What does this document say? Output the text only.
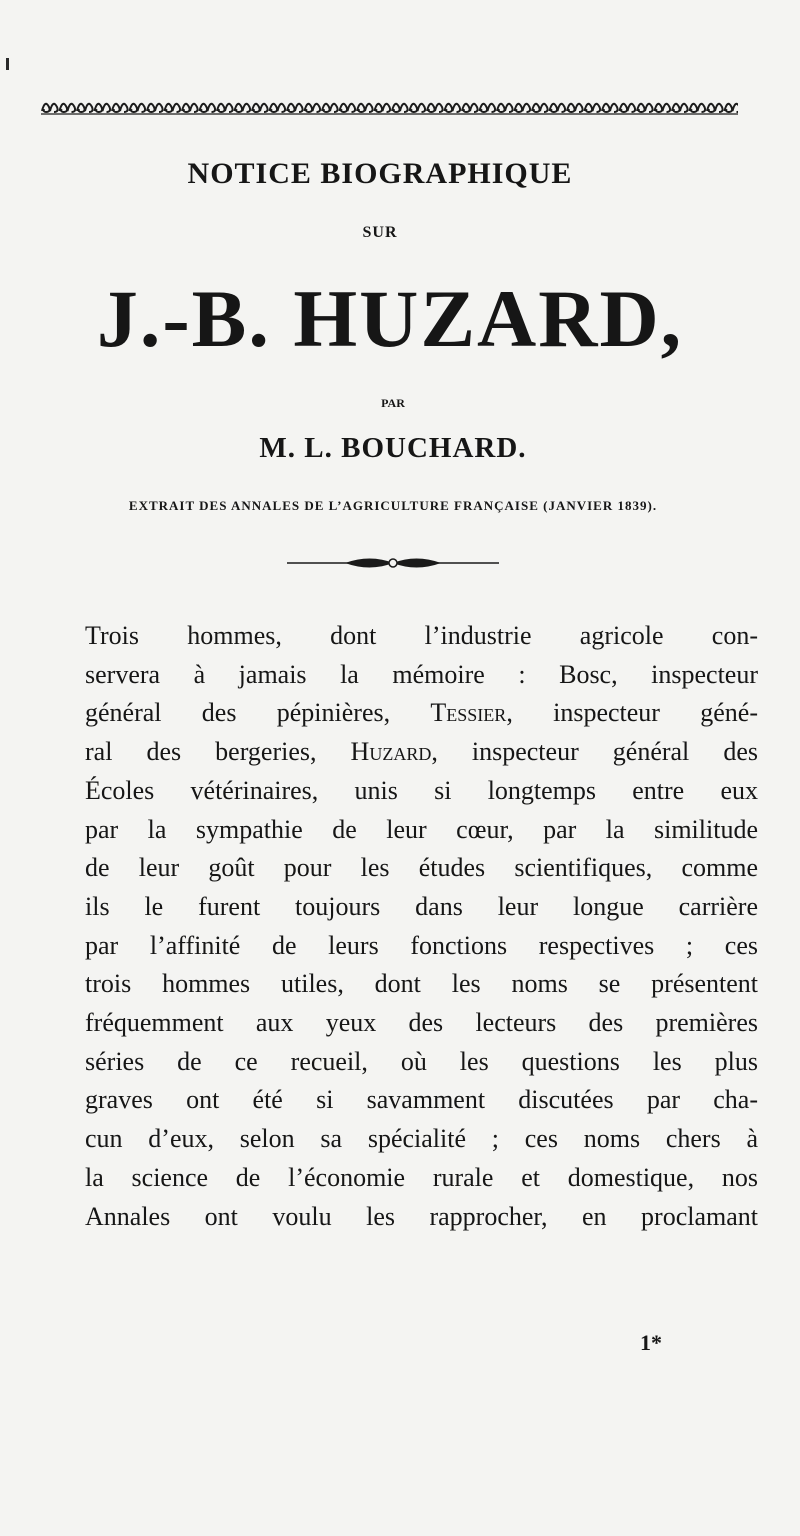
NOTICE BIOGRAPHIQUE
SUR
J.-B. HUZARD,
PAR
M. L. BOUCHARD.
EXTRAIT DES ANNALES DE L’AGRICULTURE FRANÇAISE (JANVIER 1839).

Trois hommes, dont l’industrie agricole con-

servera à jamais la mémoire : Bosc, inspecteur

général des pépinières, Tessier, inspecteur géné-

ral des bergeries, Huzard, inspecteur général des

Écoles vétérinaires, unis si longtemps entre eux

par la sympathie de leur cœur, par la similitude

de leur goût pour les études scientifiques, comme

ils le furent toujours dans leur longue carrière

par l’affinité de leurs fonctions respectives ; ces

trois hommes utiles, dont les noms se présentent

fréquemment aux yeux des lecteurs des premières

séries de ce recueil, où les questions les plus

graves ont été si savamment discutées par cha-

cun d’eux, selon sa spécialité ; ces noms chers à

la science de l’économie rurale et domestique, nos

Annales ont voulu les rapprocher, en proclamant

1*
